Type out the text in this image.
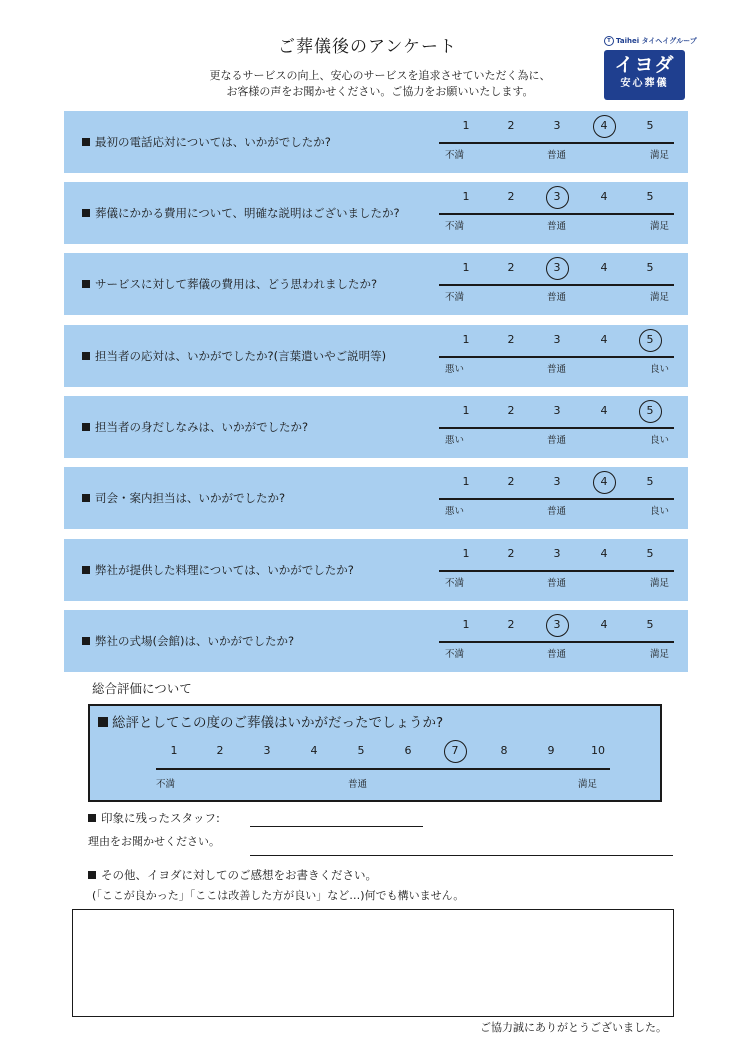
ご葬儀後のアンケート
更なるサービスの向上、安心のサービスを追求させていただく為に、
お客様の声をお聞かせください。ご協力をお願いいたします。
T Taihei タイヘイグループ
イヨダ
安心葬儀
最初の電話応対については、いかがでしたか?
1	2	3	4	5
不満	普通	満足
葬儀にかかる費用について、明確な説明はございましたか?
1	2	3	4	5
不満	普通	満足
サービスに対して葬儀の費用は、どう思われましたか?
1	2	3	4	5
不満	普通	満足
担当者の応対は、いかがでしたか?(言葉遣いやご説明等)
1	2	3	4	5
悪い	普通	良い
担当者の身だしなみは、いかがでしたか?
1	2	3	4	5
悪い	普通	良い
司会・案内担当は、いかがでしたか?
1	2	3	4	5
悪い	普通	良い
弊社が提供した料理については、いかがでしたか?
1	2	3	4	5
不満	普通	満足
弊社の式場(会館)は、いかがでしたか?
1	2	3	4	5
不満	普通	満足
総合評価について
総評としてこの度のご葬儀はいかがだったでしょうか?
不満	普通	満足
1	2	3	4	5	6	7	8	9	10
印象に残ったスタッフ:
理由をお聞かせください。
その他、イヨダに対してのご感想をお書きください。
(「ここが良かった」「ここは改善した方が良い」など…)何でも構いません。
ご協力誠にありがとうございました。
